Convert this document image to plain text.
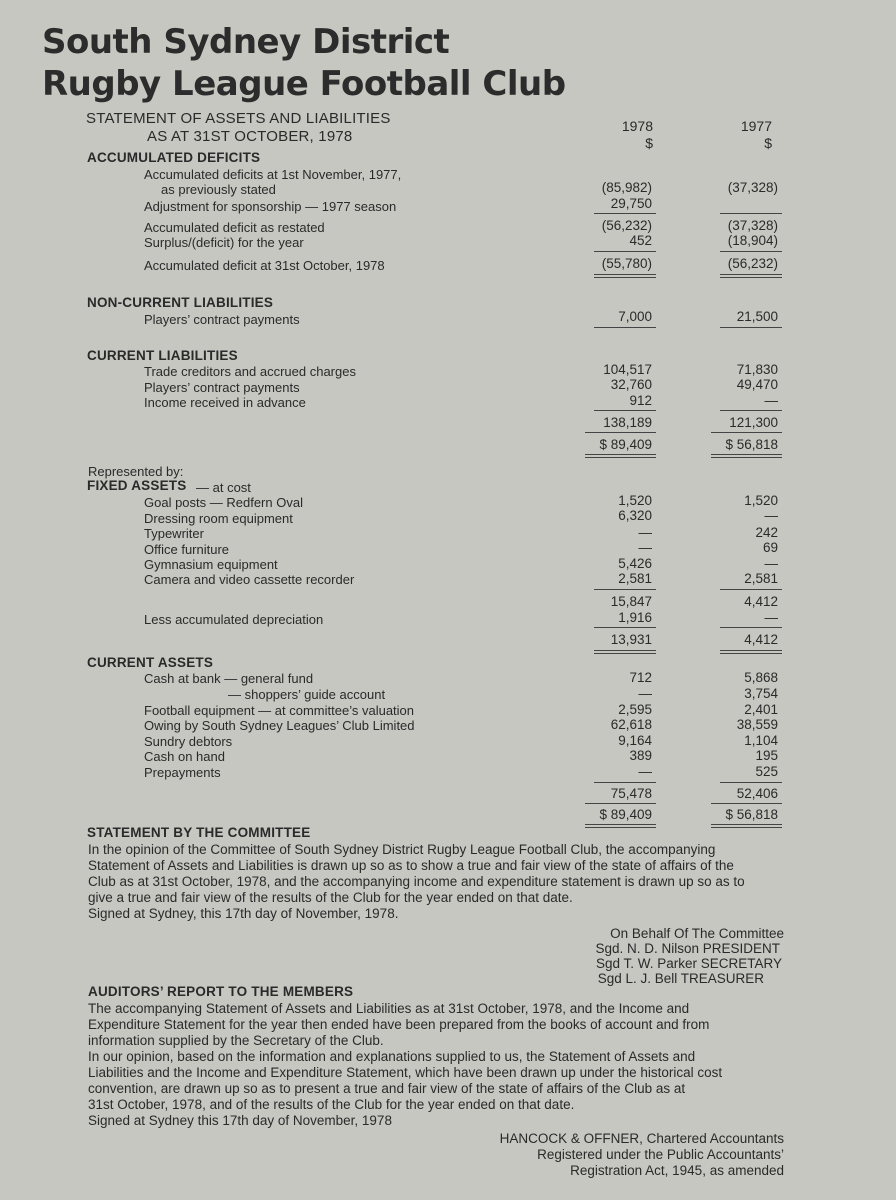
South Sydney District
Rugby League Football Club
STATEMENT OF ASSETS AND LIABILITIES
AS AT 31ST OCTOBER, 1978
1978
$
1977
$
ACCUMULATED DEFICITS
Accumulated deficits at 1st November, 1977,
as previously stated	(85,982)	(37,328)
Adjustment for sponsorship — 1977 season	29,750
Accumulated deficit as restated	(56,232)	(37,328)
Surplus/(deficit) for the year	452	(18,904)
Accumulated deficit at 31st October, 1978	(55,780)	(56,232)
NON-CURRENT LIABILITIES
Players’ contract payments	7,000	21,500
CURRENT LIABILITIES
Trade creditors and accrued charges	104,517	71,830
Players’ contract payments	32,760	49,470
Income received in advance	912	—
138,189	121,300
$ 89,409	$ 56,818
Represented by:
FIXED ASSETS — at cost
Goal posts — Redfern Oval	1,520	1,520
Dressing room equipment	6,320	—
Typewriter	—	242
Office furniture	—	69
Gymnasium equipment	5,426	—
Camera and video cassette recorder	2,581	2,581
15,847	4,412
Less accumulated depreciation	1,916	—
13,931	4,412
CURRENT ASSETS
Cash at bank — general fund	712	5,868
— shoppers’ guide account	—	3,754
Football equipment — at committee’s valuation	2,595	2,401
Owing by South Sydney Leagues’ Club Limited	62,618	38,559
Sundry debtors	9,164	1,104
Cash on hand	389	195
Prepayments	—	525
75,478	52,406
$ 89,409	$ 56,818
STATEMENT BY THE COMMITTEE
In the opinion of the Committee of South Sydney District Rugby League Football Club, the accompanying
Statement of Assets and Liabilities is drawn up so as to show a true and fair view of the state of affairs of the
Club as at 31st October, 1978, and the accompanying income and expenditure statement is drawn up so as to
give a true and fair view of the results of the Club for the year ended on that date.
Signed at Sydney, this 17th day of November, 1978.
On Behalf Of The Committee
Sgd. N. D. Nilson PRESIDENT
Sgd T. W. Parker SECRETARY
Sgd L. J. Bell TREASURER
AUDITORS’ REPORT TO THE MEMBERS
The accompanying Statement of Assets and Liabilities as at 31st October, 1978, and the Income and
Expenditure Statement for the year then ended have been prepared from the books of account and from
information supplied by the Secretary of the Club.
In our opinion, based on the information and explanations supplied to us, the Statement of Assets and
Liabilities and the Income and Expenditure Statement, which have been drawn up under the historical cost
convention, are drawn up so as to present a true and fair view of the state of affairs of the Club as at
31st October, 1978, and of the results of the Club for the year ended on that date.
Signed at Sydney this 17th day of November, 1978
HANCOCK & OFFNER, Chartered Accountants
Registered under the Public Accountants’
Registration Act, 1945, as amended
